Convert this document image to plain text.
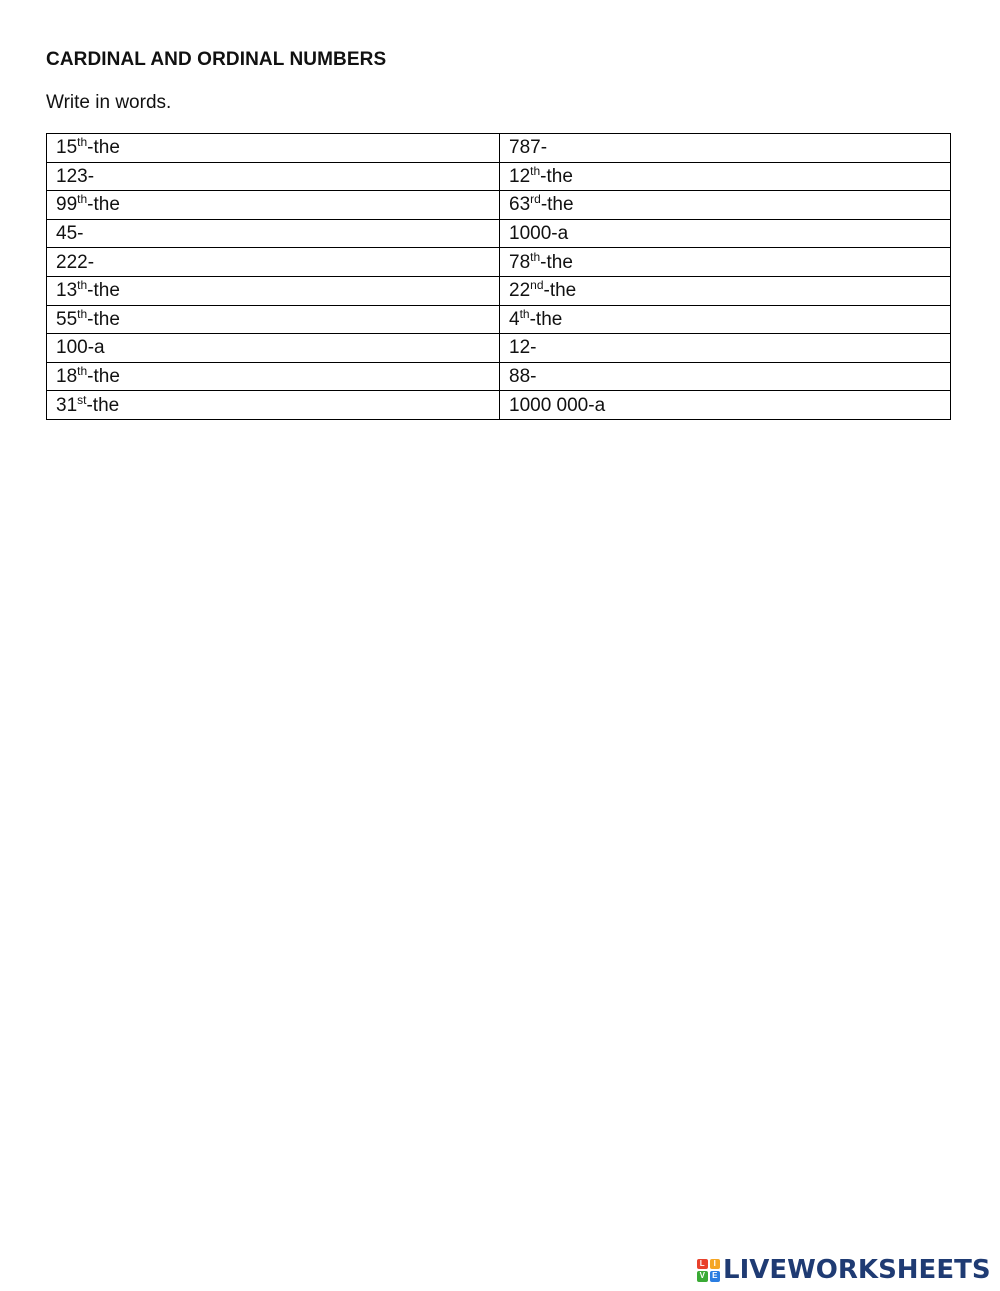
CARDINAL AND ORDINAL NUMBERS
Write in words.
15th-the	787-
123-	12th-the
99th-the	63rd-the
45-	1000-a
222-	78th-the
13th-the	22nd-the
55th-the	4th-the
100-a	12-
18th-the	88-
31st-the	1000 000-a
L	I
V E LIVEWORKSHEETS
